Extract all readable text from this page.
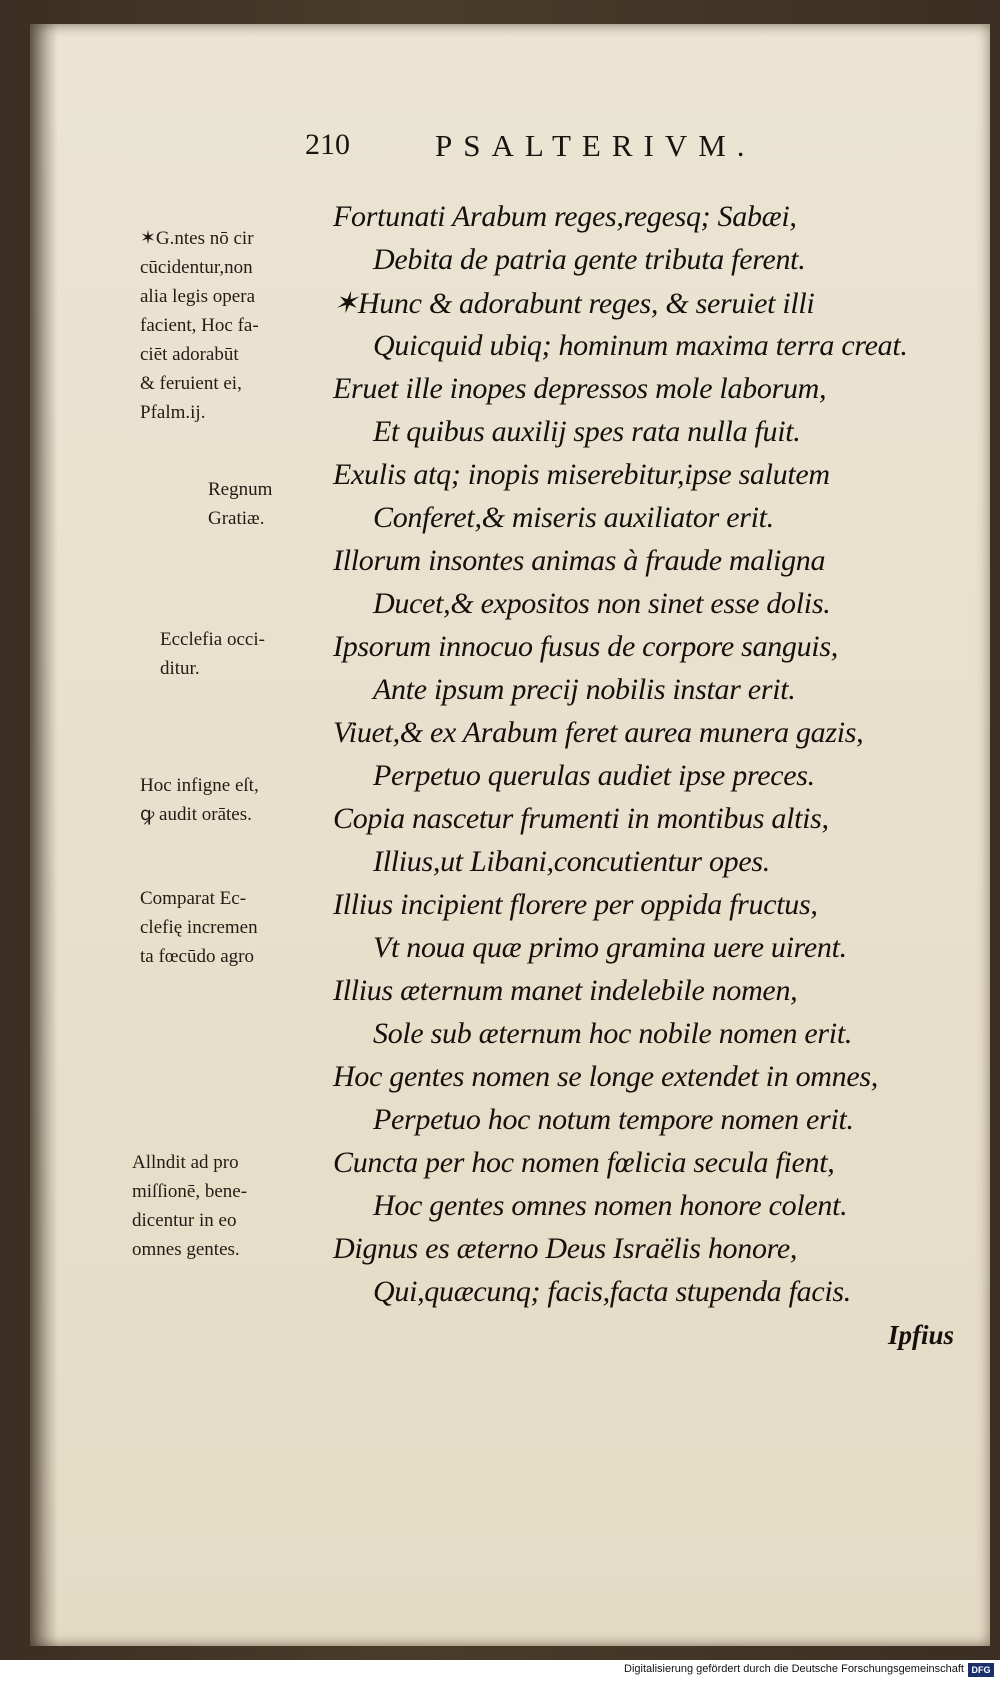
210	PSALTERIVM.
Fortunati Arabum reges,regesq; Sabæi,
Debita de patria gente tributa ferent.
✶Hunc & adorabunt reges, & seruiet illi
Quicquid ubiq; hominum maxima terra creat.
Eruet ille inopes depressos mole laborum,
Et quibus auxilij spes rata nulla fuit.
Exulis atq; inopis miserebitur,ipse salutem
Conferet,& miseris auxiliator erit.
Illorum insontes animas à fraude maligna
Ducet,& expositos non sinet esse dolis.
Ipsorum innocuo fusus de corpore sanguis,
Ante ipsum precij nobilis instar erit.
Viuet,& ex Arabum feret aurea munera gazis,
Perpetuo querulas audiet ipse preces.
Copia nascetur frumenti in montibus altis,
Illius,ut Libani,concutientur opes.
Illius incipient florere per oppida fructus,
Vt noua quæ primo gramina uere uirent.
Illius æternum manet indelebile nomen,
Sole sub æternum hoc nobile nomen erit.
Hoc gentes nomen se longe extendet in omnes,
Perpetuo hoc notum tempore nomen erit.
Cuncta per hoc nomen fœlicia secula fient,
Hoc gentes omnes nomen honore colent.
Dignus es æterno Deus Israëlis honore,
Qui,quæcunq; facis,facta stupenda facis.
✶G.ntes nō cir
cūcidentur,non
alia legis opera
facient, Hoc fa-
ciēt adorabūt
& feruient ei,
Pfalm.ij.
Regnum
Gratiæ.
Ecclefia occi-
ditur.
Hoc infigne eſt,
ꝙ audit orātes.
Comparat Ec-
clefię incremen
ta fœcūdo agro
Allndit ad pro
miſſionē, bene-
dicentur in eo
omnes gentes.
Ipfius
Digitalisierung gefördert durch die Deutsche Forschungsgemeinschaft DFG
